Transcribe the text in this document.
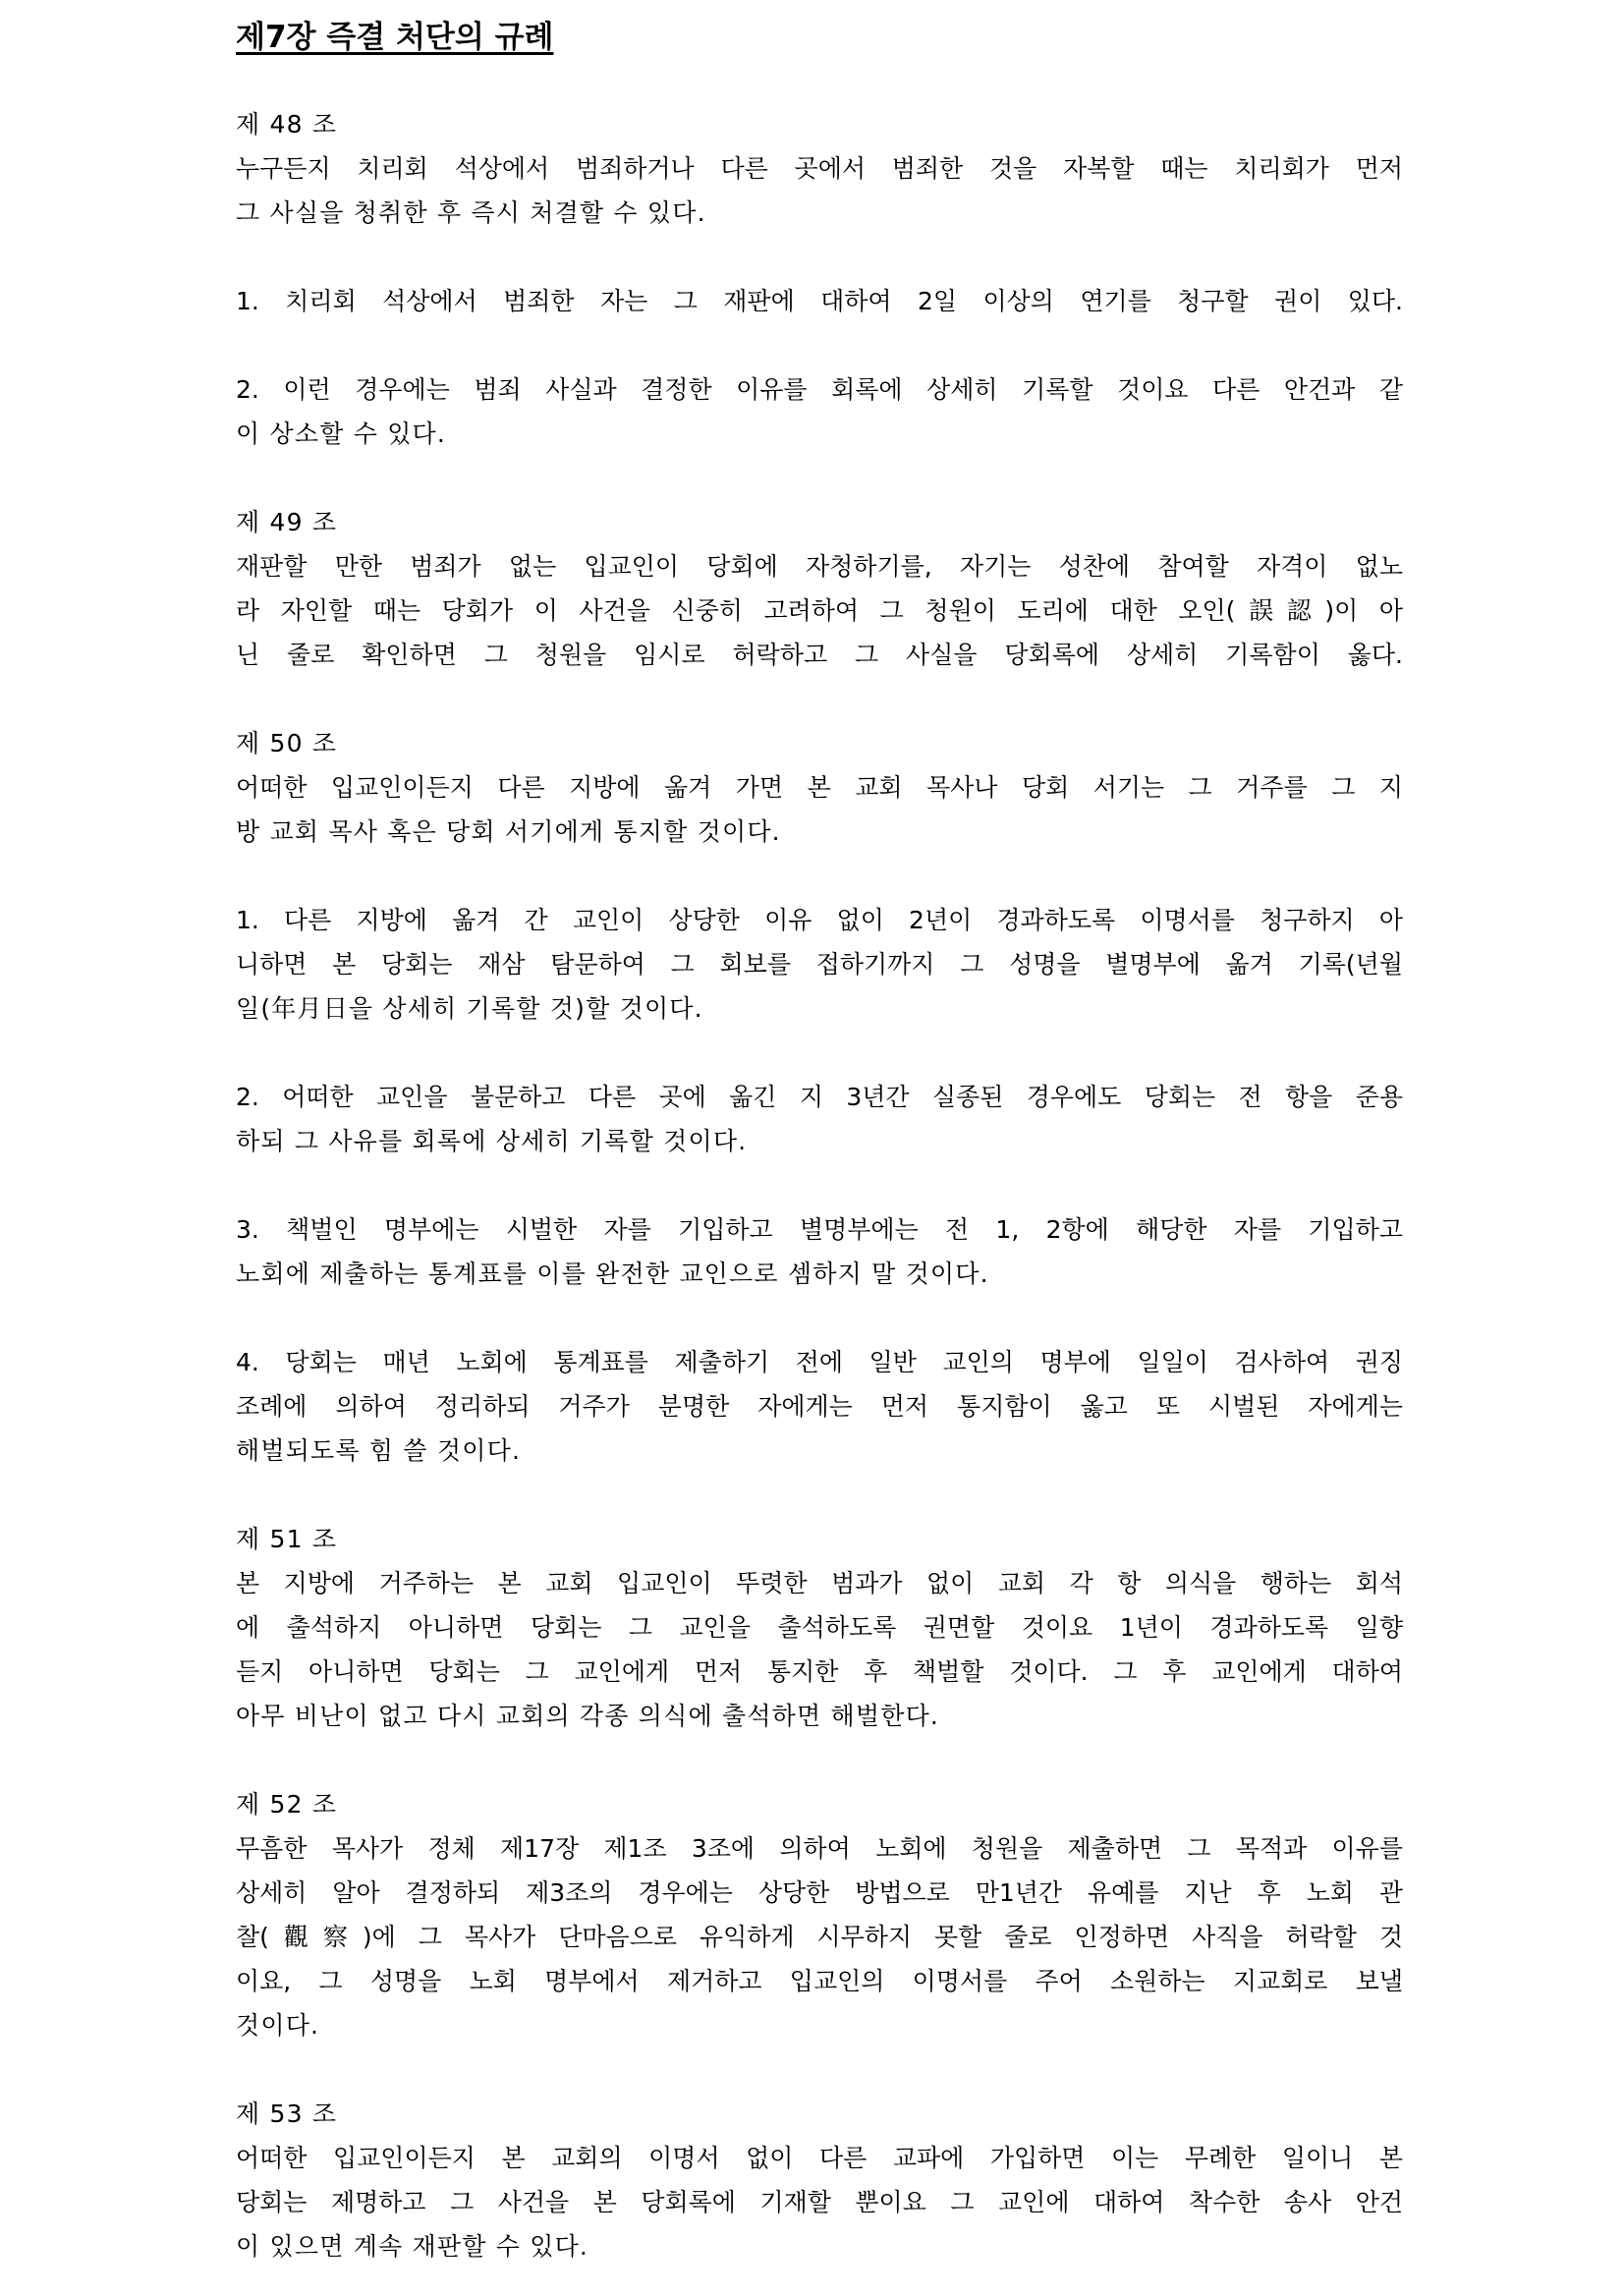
제7장 즉결 처단의 규례
제 48 조
누구든지 치리회 석상에서 범죄하거나 다른 곳에서 범죄한 것을 자복할 때는 치리회가 먼저
그 사실을 청취한 후 즉시 처결할 수 있다.
1. 치리회 석상에서 범죄한 자는 그 재판에 대하여 2일 이상의 연기를 청구할 권이 있다.
2. 이런 경우에는 범죄 사실과 결정한 이유를 회록에 상세히 기록할 것이요 다른 안건과 같
이 상소할 수 있다.
제 49 조
재판할 만한 범죄가 없는 입교인이 당회에 자청하기를, 자기는 성찬에 참여할 자격이 없노
라 자인할 때는 당회가 이 사건을 신중히 고려하여 그 청원이 도리에 대한 오인(誤認)이 아
닌 줄로 확인하면 그 청원을 임시로 허락하고 그 사실을 당회록에 상세히 기록함이 옳다.
제 50 조
어떠한 입교인이든지 다른 지방에 옮겨 가면 본 교회 목사나 당회 서기는 그 거주를 그 지
방 교회 목사 혹은 당회 서기에게 통지할 것이다.
1. 다른 지방에 옮겨 간 교인이 상당한 이유 없이 2년이 경과하도록 이명서를 청구하지 아
니하면 본 당회는 재삼 탐문하여 그 회보를 접하기까지 그 성명을 별명부에 옮겨 기록(년월
일(年月日을 상세히 기록할 것)할 것이다.
2. 어떠한 교인을 불문하고 다른 곳에 옮긴 지 3년간 실종된 경우에도 당회는 전 항을 준용
하되 그 사유를 회록에 상세히 기록할 것이다.
3. 책벌인 명부에는 시벌한 자를 기입하고 별명부에는 전 1, 2항에 해당한 자를 기입하고
노회에 제출하는 통계표를 이를 완전한 교인으로 셈하지 말 것이다.
4. 당회는 매년 노회에 통계표를 제출하기 전에 일반 교인의 명부에 일일이 검사하여 권징
조례에 의하여 정리하되 거주가 분명한 자에게는 먼저 통지함이 옳고 또 시벌된 자에게는
해벌되도록 힘 쓸 것이다.
제 51 조
본 지방에 거주하는 본 교회 입교인이 뚜렷한 범과가 없이 교회 각 항 의식을 행하는 회석
에 출석하지 아니하면 당회는 그 교인을 출석하도록 권면할 것이요 1년이 경과하도록 일향
듣지 아니하면 당회는 그 교인에게 먼저 통지한 후 책벌할 것이다. 그 후 교인에게 대하여
아무 비난이 없고 다시 교회의 각종 의식에 출석하면 해벌한다.
제 52 조
무흠한 목사가 정체 제17장 제1조 3조에 의하여 노회에 청원을 제출하면 그 목적과 이유를
상세히 알아 결정하되 제3조의 경우에는 상당한 방법으로 만1년간 유예를 지난 후 노회 관
찰(觀察)에 그 목사가 단마음으로 유익하게 시무하지 못할 줄로 인정하면 사직을 허락할 것
이요, 그 성명을 노회 명부에서 제거하고 입교인의 이명서를 주어 소원하는 지교회로 보낼
것이다.
제 53 조
어떠한 입교인이든지 본 교회의 이명서 없이 다른 교파에 가입하면 이는 무례한 일이니 본
당회는 제명하고 그 사건을 본 당회록에 기재할 뿐이요 그 교인에 대하여 착수한 송사 안건
이 있으면 계속 재판할 수 있다.
